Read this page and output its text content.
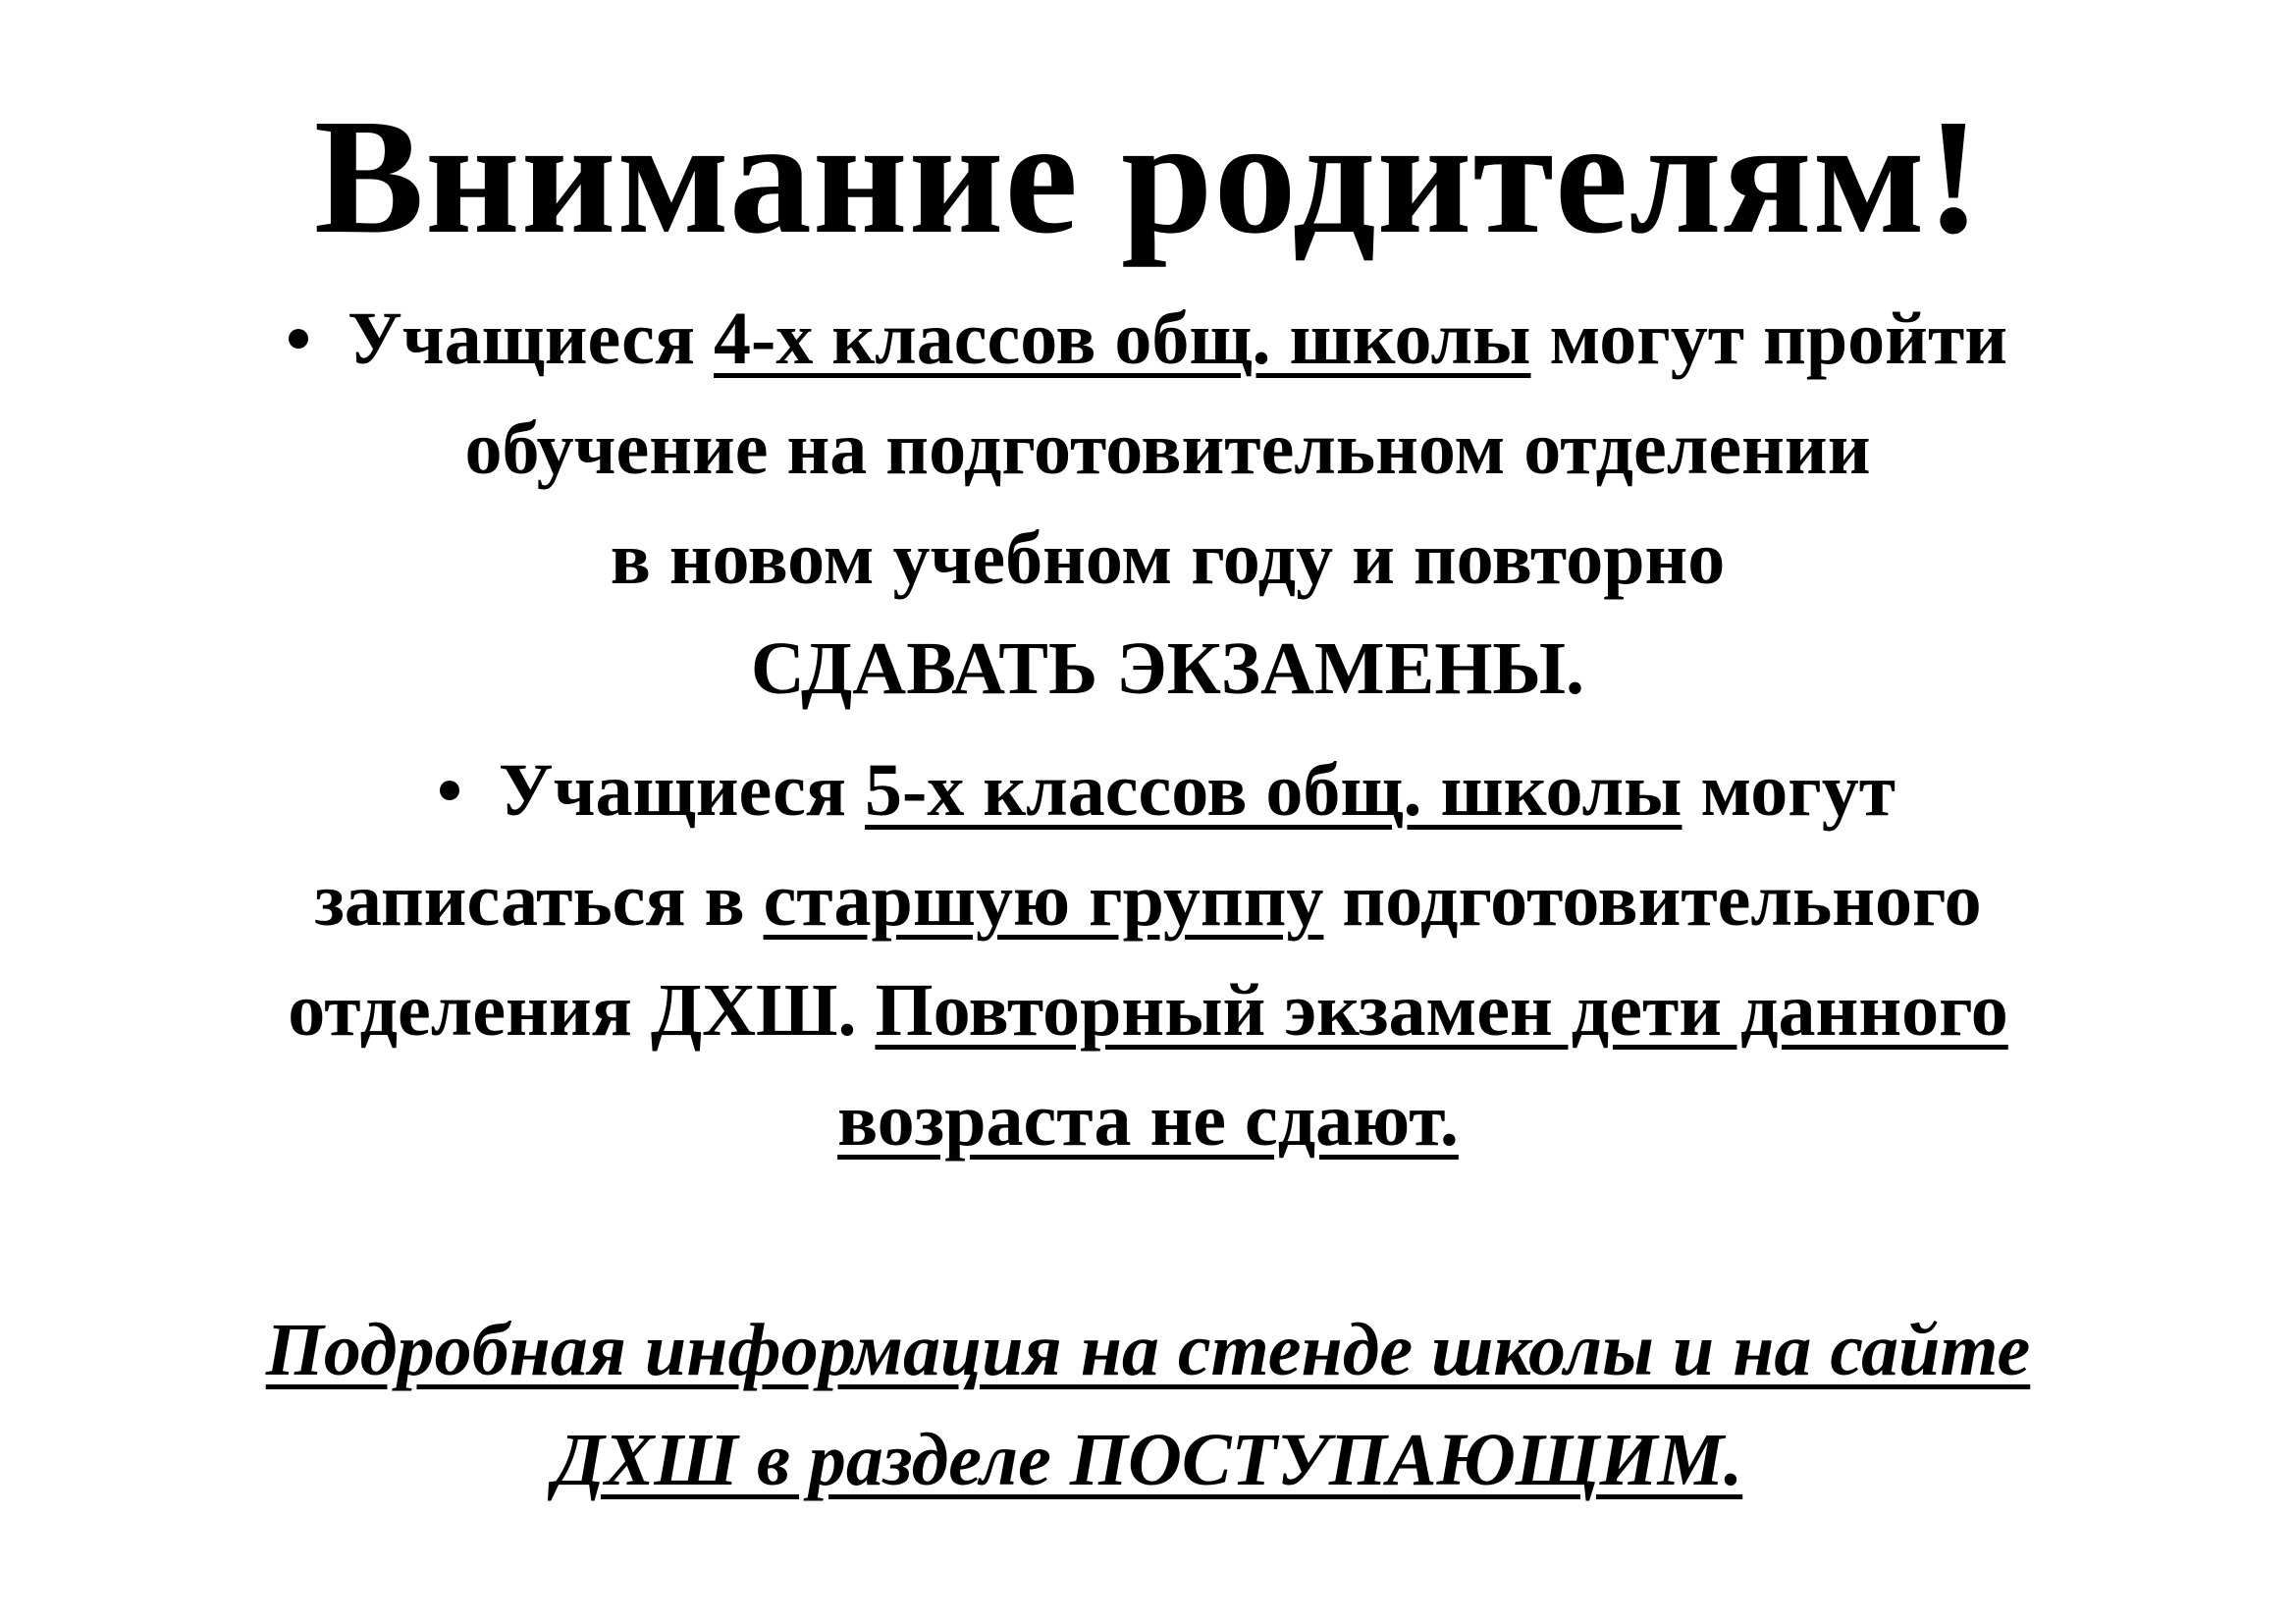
Внимание родителям!
Учащиеся 4-х классов общ. школы могут пройти
обучение на подготовительном отделении
в новом учебном году и повторно
СДАВАТЬ ЭКЗАМЕНЫ.
Учащиеся 5-х классов общ. школы могут
записаться в старшую группу подготовительного
отделения ДХШ. Повторный экзамен дети данного
возраста не сдают.
Подробная информация на стенде школы и на сайте
ДХШ в разделе ПОСТУПАЮЩИМ.
